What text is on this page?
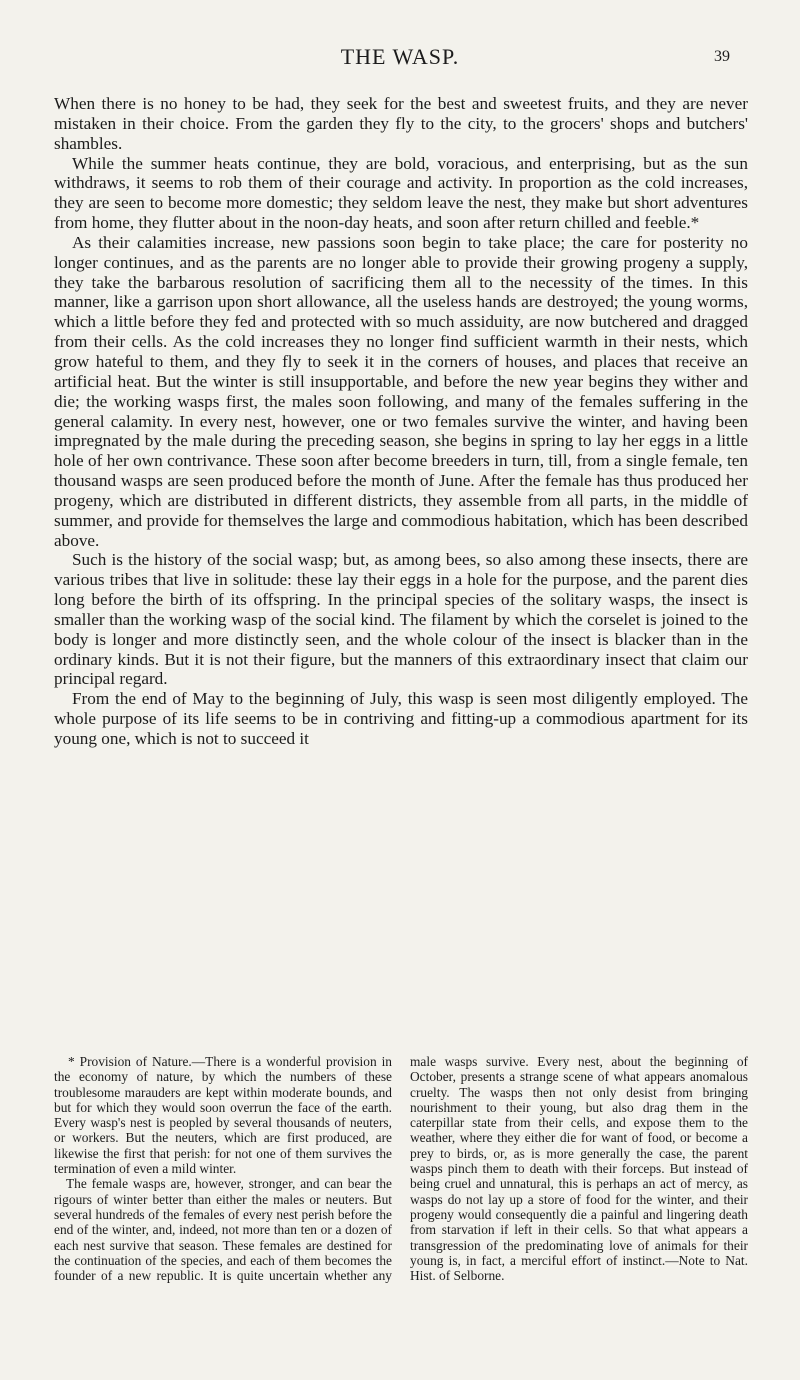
THE WASP.	39

When there is no honey to be had, they seek for the best and sweetest fruits, and they are never mistaken in their choice. From the garden they fly to the city, to the grocers' shops and butchers' shambles.

While the summer heats continue, they are bold, voracious, and enterprising, but as the sun withdraws, it seems to rob them of their courage and activity. In proportion as the cold increases, they are seen to become more domestic; they seldom leave the nest, they make but short adventures from home, they flutter about in the noon-day heats, and soon after return chilled and feeble.*

As their calamities increase, new passions soon begin to take place; the care for posterity no longer continues, and as the parents are no longer able to provide their growing progeny a supply, they take the barbarous resolution of sacrificing them all to the necessity of the times. In this manner, like a garrison upon short allowance, all the useless hands are destroyed; the young worms, which a little before they fed and protected with so much assiduity, are now butchered and dragged from their cells. As the cold increases they no longer find sufficient warmth in their nests, which grow hateful to them, and they fly to seek it in the corners of houses, and places that receive an artificial heat. But the winter is still insupportable, and before the new year begins they wither and die; the working wasps first, the males soon following, and many of the females suffering in the general calamity. In every nest, however, one or two females survive the winter, and having been impregnated by the male during the preceding season, she begins in spring to lay her eggs in a little hole of her own contrivance. These soon after become breeders in turn, till, from a single female, ten thousand wasps are seen produced before the month of June. After the female has thus produced her progeny, which are distributed in different districts, they assemble from all parts, in the middle of summer, and provide for themselves the large and commodious habitation, which has been described above.

Such is the history of the social wasp; but, as among bees, so also among these insects, there are various tribes that live in solitude: these lay their eggs in a hole for the purpose, and the parent dies long before the birth of its offspring. In the principal species of the solitary wasps, the insect is smaller than the working wasp of the social kind. The filament by which the corselet is joined to the body is longer and more distinctly seen, and the whole colour of the insect is blacker than in the ordinary kinds. But it is not their figure, but the manners of this extraordinary insect that claim our principal regard.

From the end of May to the beginning of July, this wasp is seen most diligently employed. The whole purpose of its life seems to be in contriving and fitting-up a commodious apartment for its young one, which is not to succeed it

* Provision of Nature.—There is a wonderful provision in the economy of nature, by which the numbers of these troublesome marauders are kept within moderate bounds, and but for which they would soon overrun the face of the earth. Every wasp's nest is peopled by several thousands of neuters, or workers. But the neuters, which are first produced, are likewise the first that perish: for not one of them survives the termination of even a mild winter.

The female wasps are, however, stronger, and can bear the rigours of winter better than either the males or neuters. But several hundreds of the females of every nest perish before the end of the winter, and, indeed, not more than ten or a dozen of each nest survive that season. These females are destined for the continuation of the species, and each of them becomes the founder of a new republic. It is quite uncertain whether any male wasps survive. Every nest, about the beginning of October, presents a strange scene of what appears anomalous cruelty. The wasps then not only desist from bringing nourishment to their young, but also drag them in the caterpillar state from their cells, and expose them to the weather, where they either die for want of food, or become a prey to birds, or, as is more generally the case, the parent wasps pinch them to death with their forceps. But instead of being cruel and unnatural, this is perhaps an act of mercy, as wasps do not lay up a store of food for the winter, and their progeny would consequently die a painful and lingering death from starvation if left in their cells. So that what appears a transgression of the predominating love of animals for their young is, in fact, a merciful effort of instinct.—Note to Nat. Hist. of Selborne.
